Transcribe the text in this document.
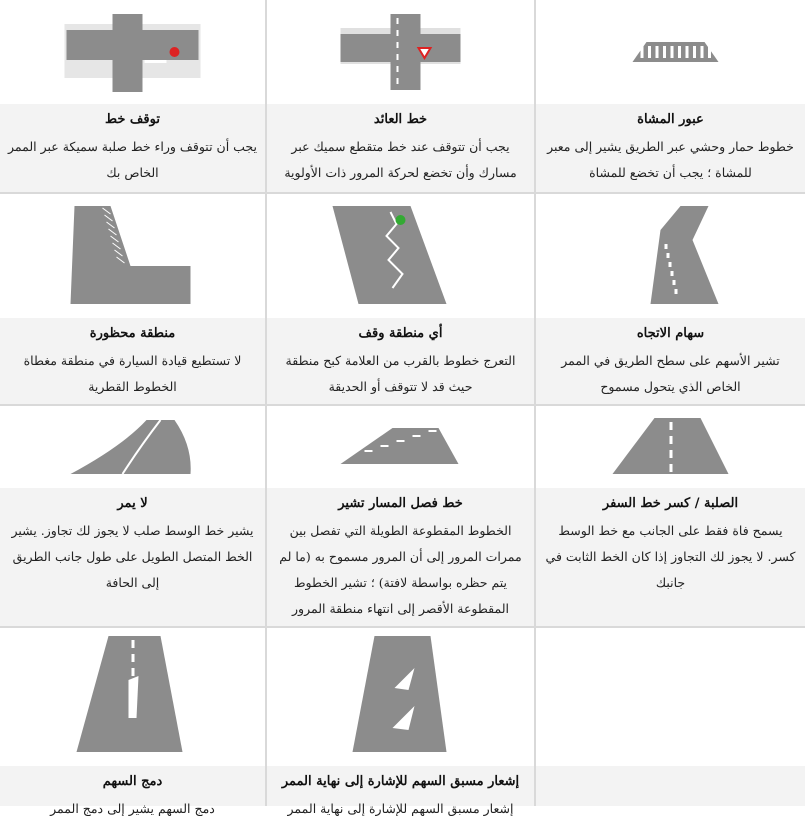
عبور المشاة
خطوط حمار وحشي عبر الطريق يشير إلى معبر للمشاة ؛ يجب أن تخضع للمشاة
خط العائد
يجب أن تتوقف عند خط متقطع سميك عبر مسارك وأن تخضع لحركة المرور ذات الأولوية
توقف خط
يجب أن تتوقف وراء خط صلبة سميكة عبر الممر الخاص بك
سهام الاتجاه
تشير الأسهم على سطح الطريق في الممر الخاص الذي يتحول مسموح
أي منطقة وقف
التعرج خطوط بالقرب من العلامة كبح منطقة حيث قد لا تتوقف أو الحديقة
منطقة محظورة
لا تستطيع قيادة السيارة في منطقة مغطاة الخطوط القطرية
الصلبة / كسر خط السفر
يسمح فاة فقط على الجانب مع خط الوسط كسر. لا يجوز لك التجاوز إذا كان الخط الثابت في جانبك
خط فصل المسار تشير
الخطوط المقطوعة الطويلة التي تفصل بين ممرات المرور إلى أن المرور مسموح به (ما لم يتم حظره بواسطة لافتة) ؛ تشير الخطوط المقطوعة الأقصر إلى انتهاء منطقة المرور
لا يمر
يشير خط الوسط صلب لا يجوز لك تجاوز. يشير الخط المتصل الطويل على طول جانب الطريق إلى الحافة
إشعار مسبق السهم للإشارة إلى نهاية الممر
إشعار مسبق السهم للإشارة إلى نهاية الممر
دمج السهم
دمج السهم يشير إلى دمج الممر
